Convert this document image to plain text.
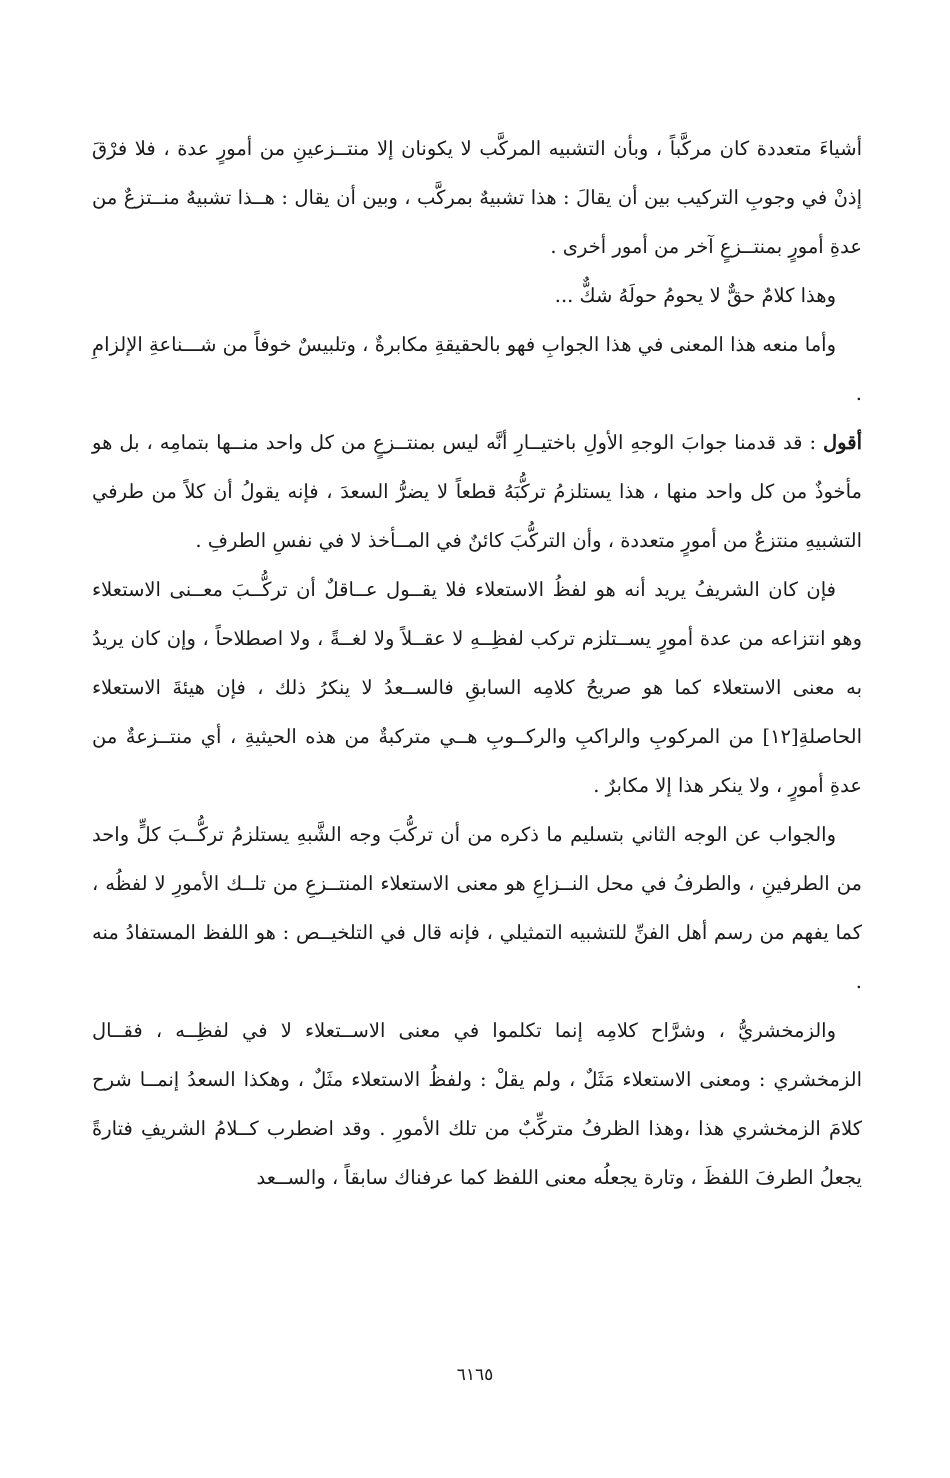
أشياءَ متعددة كان مركَّباً ، وبأن التشبيه المركَّب لا يكونان إلا منتــزعينِ من أمورٍ عدة ، فلا فرْقَ إذنْ في وجوبِ التركيب بين أن يقالَ : هذا تشبيهٌ بمركَّب ، وبين أن يقال : هــذا تشبيهٌ منــتزعٌ من عدةِ أمورٍ بمنتــزعٍ آخر من أمور أخرى .

وهذا كلامٌ حقٌّ لا يحومُ حولَهُ شكٌّ ...

وأما منعه هذا المعنى في هذا الجوابِ فهو بالحقيقةِ مكابرةٌ ، وتلبيسٌ خوفاً من شـــناعةِ الإلزامِ .

أقول : قد قدمنا جوابَ الوجهِ الأولِ باختيــارِ أنَّه ليس بمنتــزعٍ من كل واحد منــها بتمامِه ، بل هو مأخوذٌ من كل واحد منها ، هذا يستلزمُ تركُّبَهُ قطعاً لا يضرُّ السعدَ ، فإنه يقولُ أن كلاً من طرفي التشبيهِ منتزعٌ من أمورٍ متعددة ، وأن التركُّبَ كائنٌ في المــأخذ لا في نفسِ الطرفِ .

فإن كان الشريفُ يريد أنه هو لفظُ الاستعلاء فلا يقــول عــاقلٌ أن تركُّــبَ معــنى الاستعلاء وهو انتزاعه من عدة أمورٍ يســتلزم تركب لفظِــهِ لا عقــلاً ولا لغــةً ، ولا اصطلاحاً ، وإن كان يريدُ به معنى الاستعلاء كما هو صريحُ كلامِه السابقِ فالســعدُ لا ينكرُ ذلك ، فإن هيئةَ الاستعلاء الحاصلةِ[١٢] من المركوبِ والراكبِ والركــوبِ هــي متركبةٌ من هذه الحيثيةِ ، أي منتــزعةٌ من عدةِ أمورٍ ، ولا ينكر هذا إلا مكابرٌ .

والجواب عن الوجه الثاني بتسليم ما ذكره من أن تركُّبَ وجه الشَّبهِ يستلزمُ تركُّــبَ كلٍّ واحد من الطرفينِ ، والطرفُ في محل النــزاعِ هو معنى الاستعلاء المنتــزعِ من تلــك الأمورِ لا لفظُه ، كما يفهم من رسم أهل الفنِّ للتشبيه التمثيلي ، فإنه قال في التلخيــص : هو اللفظ المستفادُ منه .

والزمخشريُّ ، وشرَّاح كلامِه إنما تكلموا في معنى الاســتعلاء لا في لفظِــه ، فقــال الزمخشري : ومعنى الاستعلاء مَثَلٌ ، ولم يقلْ : ولفظُ الاستعلاء مثَلٌ ، وهكذا السعدُ إنمــا شرح كلامَ الزمخشري هذا ،وهذا الظرفُ متركِّبٌ من تلك الأمورِ . وقد اضطرب كــلامُ الشريفِ فتارةً يجعلُ الطرفَ اللفظَ ، وتارة يجعلُه معنى اللفظ كما عرفناك سابقاً ، والســعد

٦١٦٥
